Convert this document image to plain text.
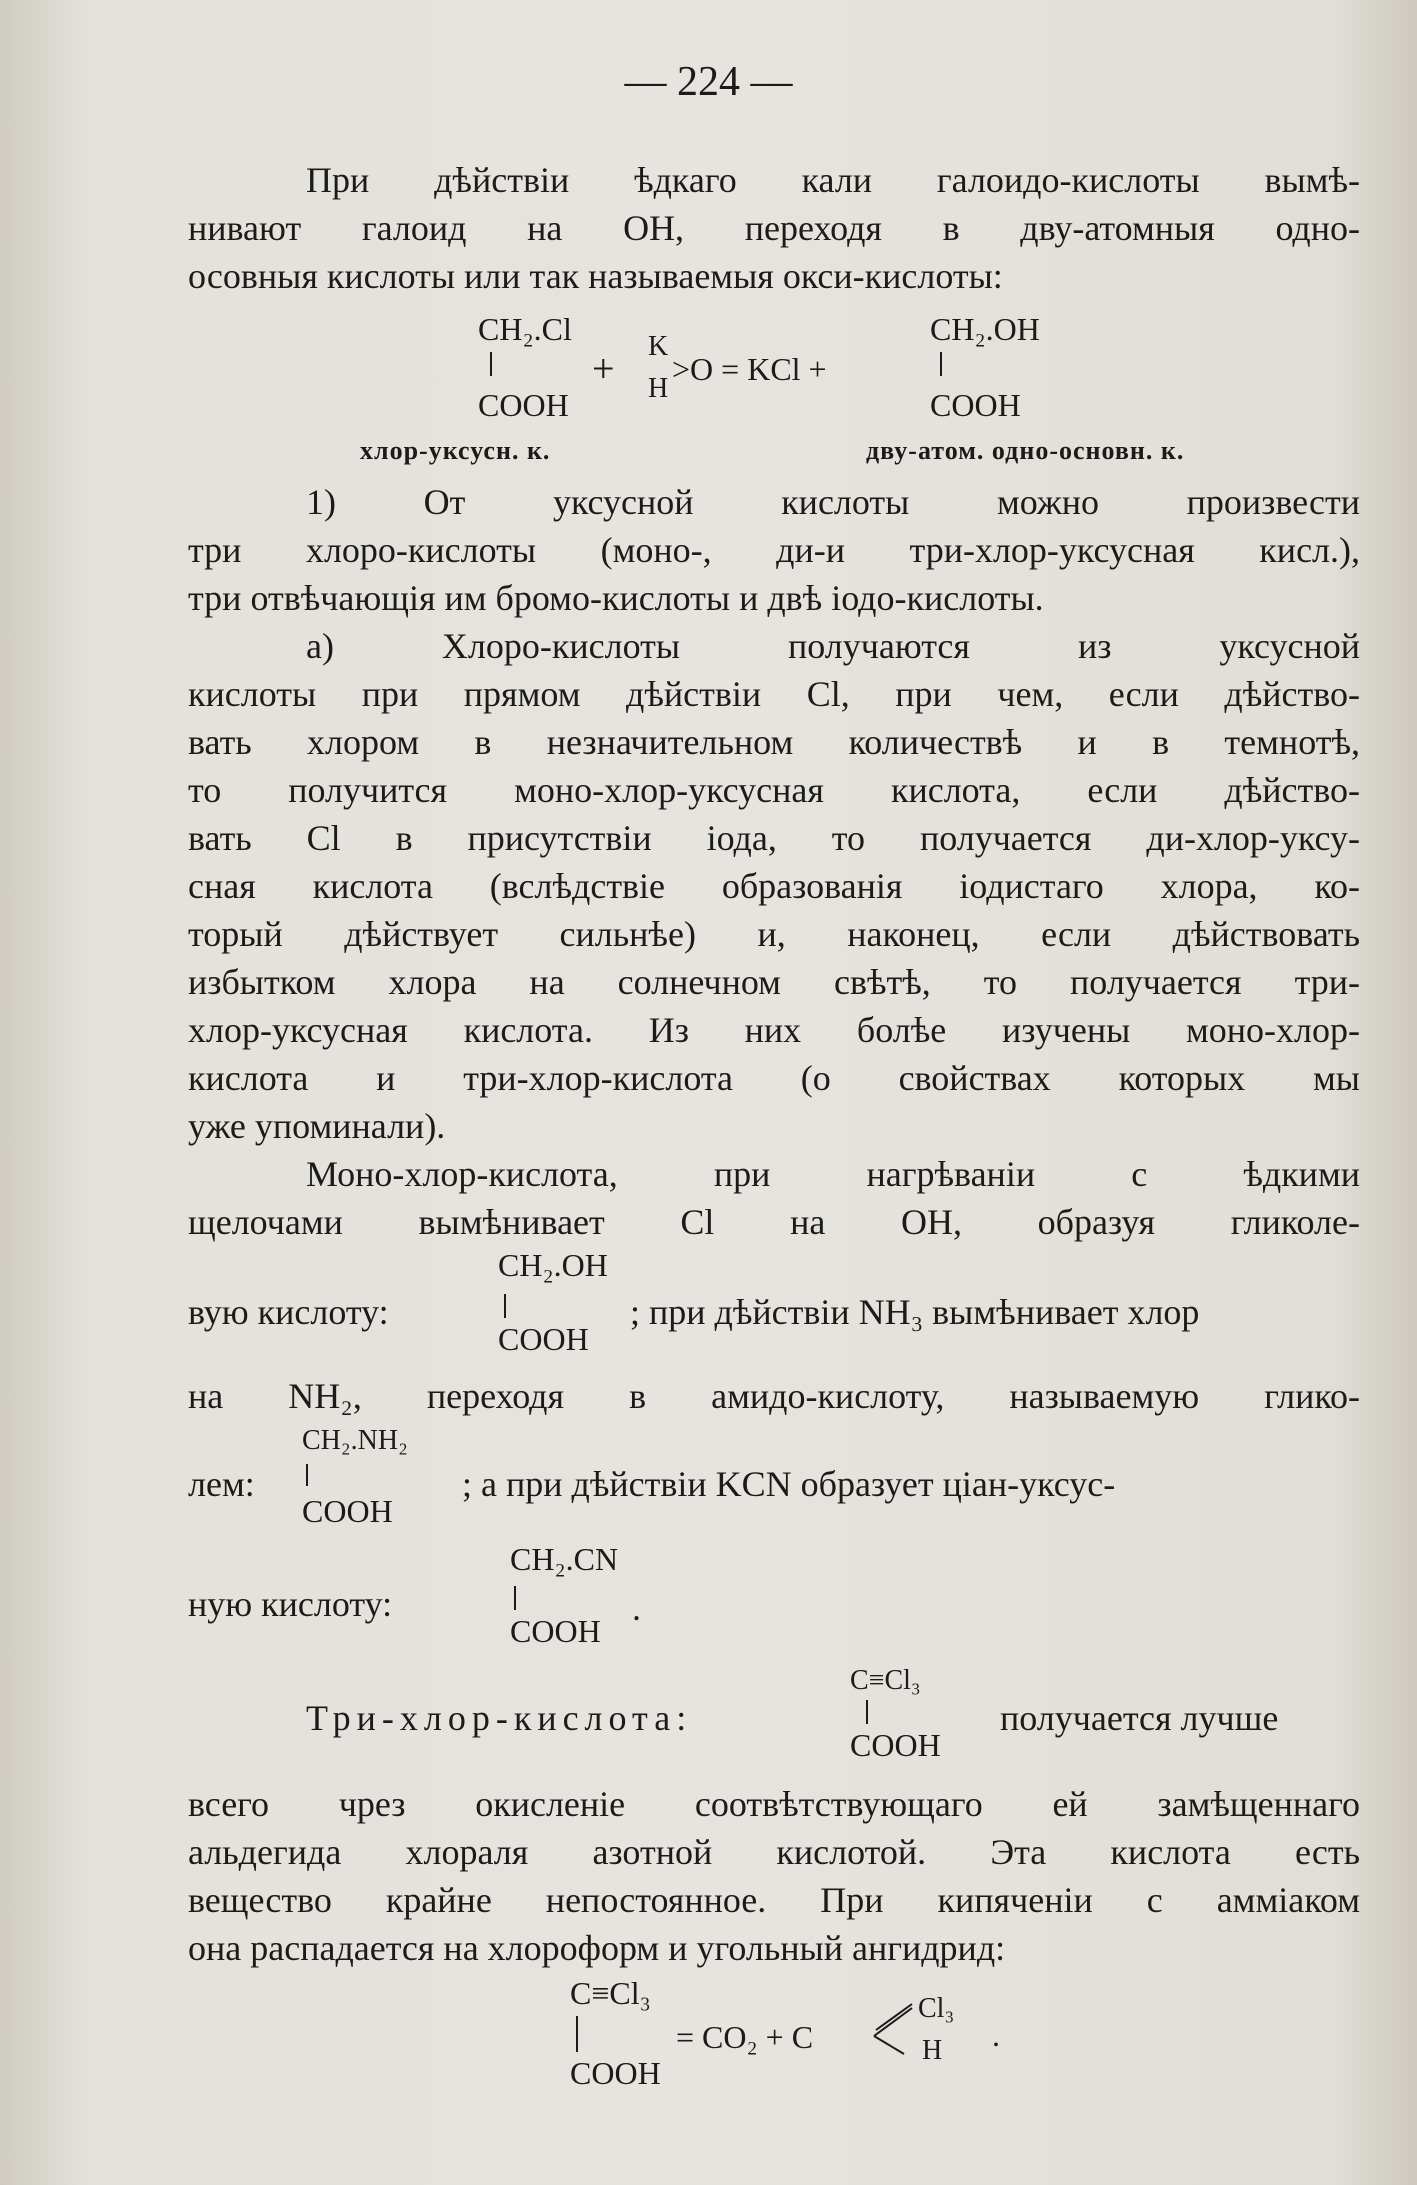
— 224 —
При дѣйствіи ѣдкаго кали галоидо-кислоты вымѣ-
нивают галоид на OH, переходя в дву-атомныя одно-
осовныя кислоты или так называемыя окси-кислоты:
CH₂.Cl
COOH
+ K
H
>O = KCl +
CH₂.OH
COOH
хлор-уксусн. к.	дву-атом. одно-основн. к.
1) От уксусной кислоты можно произвести
три хлоро-кислоты (моно-, ди-и три-хлор-уксусная кисл.),
три отвѣчающія им бромо-кислоты и двѣ іодо-кислоты.
а) Хлоро-кислоты получаются из уксусной
кислоты при прямом дѣйствіи Cl, при чем, если дѣйство-
вать хлором в незначительном количествѣ и в темнотѣ,
то получится моно-хлор-уксусная кислота, если дѣйство-
вать Cl в присутствіи іода, то получается ди-хлор-уксу-
сная кислота (вслѣдствіе образованія іодистаго хлора, ко-
торый дѣйствует сильнѣе) и, наконец, если дѣйствовать
избытком хлора на солнечном свѣтѣ, то получается три-
хлор-уксусная кислота. Из них болѣе изучены моно-хлор-
кислота и три-хлор-кислота (о свойствах которых мы
уже упоминали).
Моно-хлор-кислота, при нагрѣваніи с ѣдкими
щелочами вымѣнивает Cl на OH, образуя гликоле-
CH₂.OH
вую кислоту:
COOH
; при дѣйствіи NH₃ вымѣнивает хлор
на NH₂, переходя в амидо-кислоту, называемую глико-
CH₂.NH₂
лем:
COOH
; а при дѣйствіи KCN образует ціан-уксус-
CH₂.CN
ную кислоту:
COOH
.
C≡Cl₃
Три-хлор-кислота:
COOH
получается лучше
всего чрез окисленіе соотвѣтствующаго ей замѣщеннаго
альдегида хлораля азотной кислотой. Эта кислота есть
вещество крайне непостоянное. При кипяченіи с амміаком
она распадается на хлороформ и угольный ангидрид:
C≡Cl₃
COOH
= CO₂ + C
Cl₃
H .
